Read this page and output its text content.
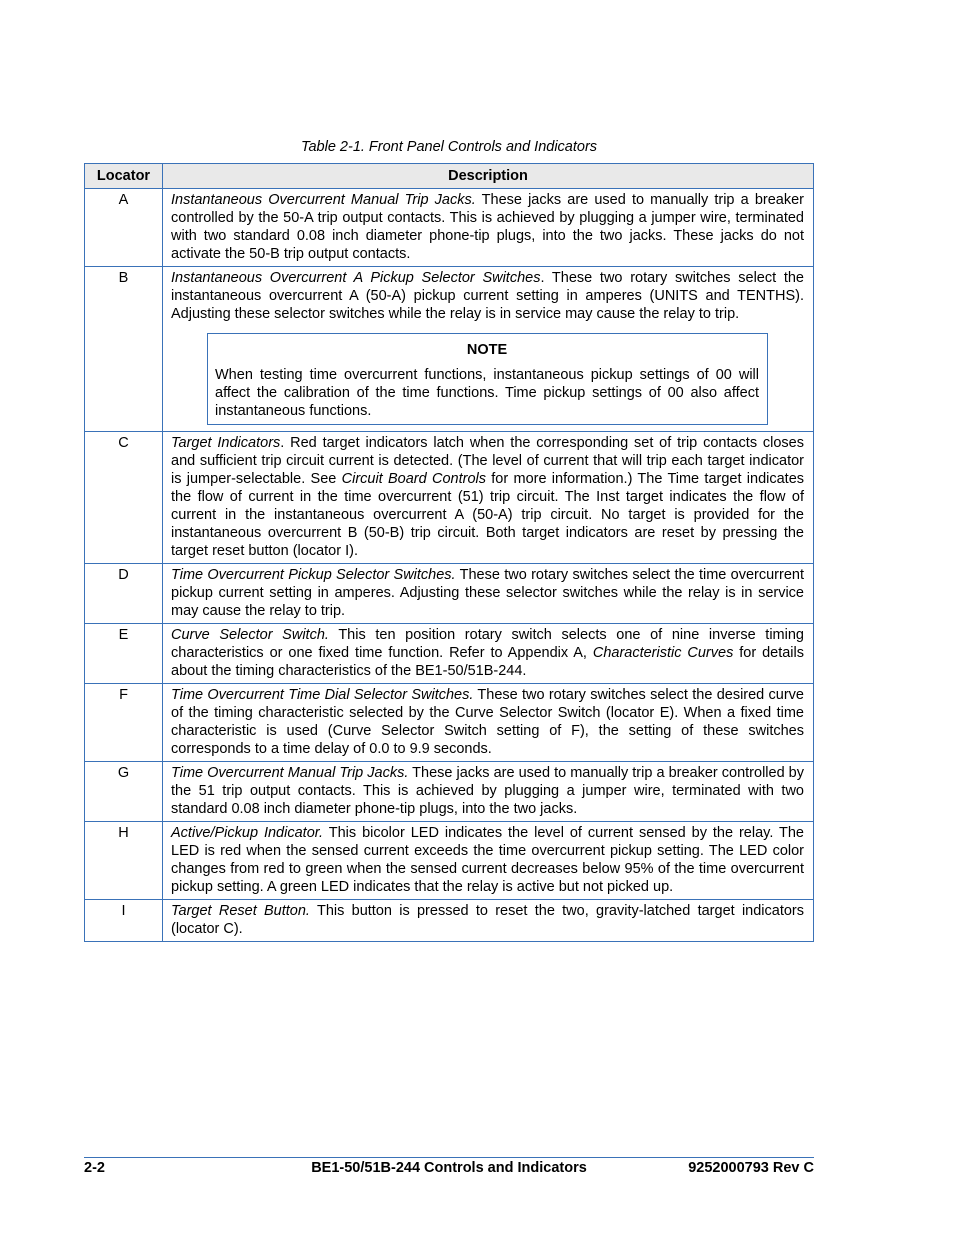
Table 2-1. Front Panel Controls and Indicators
Locator	Description
A	Instantaneous Overcurrent Manual Trip Jacks. These jacks are used to manually trip a breaker controlled by the 50-A trip output contacts. This is achieved by plugging a jumper wire, terminated with two standard 0.08 inch diameter phone-tip plugs, into the two jacks. These jacks do not activate the 50-B trip output contacts.
B	Instantaneous Overcurrent A Pickup Selector Switches. These two rotary switches select the instantaneous overcurrent A (50-A) pickup current setting in amperes (UNITS and TENTHS). Adjusting these selector switches while the relay is in service may cause the relay to trip.
NOTE
When testing time overcurrent functions, instantaneous pickup settings of 00 will affect the calibration of the time functions. Time pickup settings of 00 also affect instantaneous functions.

C	Target Indicators. Red target indicators latch when the corresponding set of trip contacts closes and sufficient trip circuit current is detected. (The level of current that will trip each target indicator is jumper-selectable. See Circuit Board Controls for more information.) The Time target indicates the flow of current in the time overcurrent (51) trip circuit. The Inst target indicates the flow of current in the instantaneous overcurrent A (50-A) trip circuit. No target is provided for the instantaneous overcurrent B (50-B) trip circuit. Both target indicators are reset by pressing the target reset button (locator I).
D	Time Overcurrent Pickup Selector Switches. These two rotary switches select the time overcurrent pickup current setting in amperes. Adjusting these selector switches while the relay is in service may cause the relay to trip.
E	Curve Selector Switch. This ten position rotary switch selects one of nine inverse timing characteristics or one fixed time function. Refer to Appendix A, Characteristic Curves for details about the timing characteristics of the BE1-50/51B-244.
F	Time Overcurrent Time Dial Selector Switches. These two rotary switches select the desired curve of the timing characteristic selected by the Curve Selector Switch (locator E). When a fixed time characteristic is used (Curve Selector Switch setting of F), the setting of these switches corresponds to a time delay of 0.0 to 9.9 seconds.
G	Time Overcurrent Manual Trip Jacks. These jacks are used to manually trip a breaker controlled by the 51 trip output contacts. This is achieved by plugging a jumper wire, terminated with two standard 0.08 inch diameter phone-tip plugs, into the two jacks.
H	Active/Pickup Indicator. This bicolor LED indicates the level of current sensed by the relay. The LED is red when the sensed current exceeds the time overcurrent pickup setting. The LED color changes from red to green when the sensed current decreases below 95% of the time overcurrent pickup setting. A green LED indicates that the relay is active but not picked up.
I	Target Reset Button. This button is pressed to reset the two, gravity-latched target indicators (locator C).
BE1-50/51B-244 Controls and Indicators
2-2	9252000793 Rev C
